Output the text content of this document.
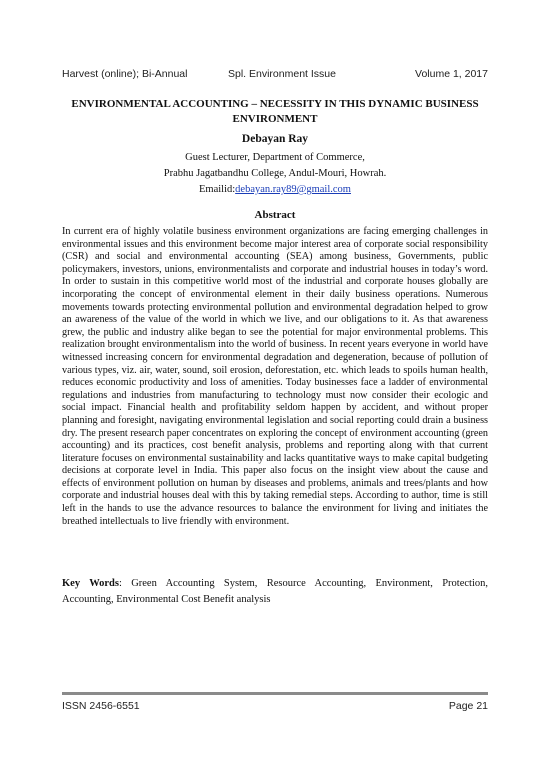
Harvest (online); Bi-Annual	Spl. Environment Issue	Volume 1, 2017
ENVIRONMENTAL ACCOUNTING – NECESSITY IN THIS DYNAMIC BUSINESS
ENVIRONMENT
Debayan Ray
Guest Lecturer, Department of Commerce,
Prabhu Jagatbandhu College, Andul-Mouri, Howrah.
Emailid:debayan.ray89@gmail.com
Abstract
In current era of highly volatile business environment organizations are facing emerging challenges in environmental issues and this environment become major interest area of corporate social responsibility (CSR) and social and environmental accounting (SEA) among business, Governments, public policymakers, investors, unions, environmentalists and corporate and industrial houses in today’s word. In order to sustain in this competitive world most of the industrial and corporate houses globally are incorporating the concept of environmental element in their daily business operations. Numerous movements towards protecting environmental pollution and environmental degradation helped to grow an awareness of the value of the world in which we live, and our obligations to it. As that awareness grew, the public and industry alike began to see the potential for major environmental problems. This realization brought environmentalism into the world of business. In recent years everyone in world have witnessed increasing concern for environmental degradation and degeneration, because of pollution of various types, viz. air, water, sound, soil erosion, deforestation, etc. which leads to spoils human health, reduces economic productivity and loss of amenities. Today businesses face a ladder of environmental regulations and industries from manufacturing to technology must now consider their ecologic and social impact. Financial health and profitability seldom happen by accident, and without proper planning and foresight, navigating environmental legislation and social reporting could drain a business dry. The present research paper concentrates on exploring the concept of environment accounting (green accounting) and its practices, cost benefit analysis, problems and reporting along with that current literature focuses on environmental sustainability and lacks quantitative ways to make capital budgeting decisions at corporate level in India. This paper also focus on the insight view about the cause and effects of environment pollution on human by diseases and problems, animals and trees/plants and how corporate and industrial houses deal with this by taking remedial steps. According to author, time is still left in the hands to use the advance resources to balance the environment for living and initiates the breathed intellectuals to live friendly with environment.
Key Words: Green Accounting System, Resource Accounting, Environment, Protection, Accounting, Environmental Cost Benefit analysis
ISSN 2456-6551	Page 21
